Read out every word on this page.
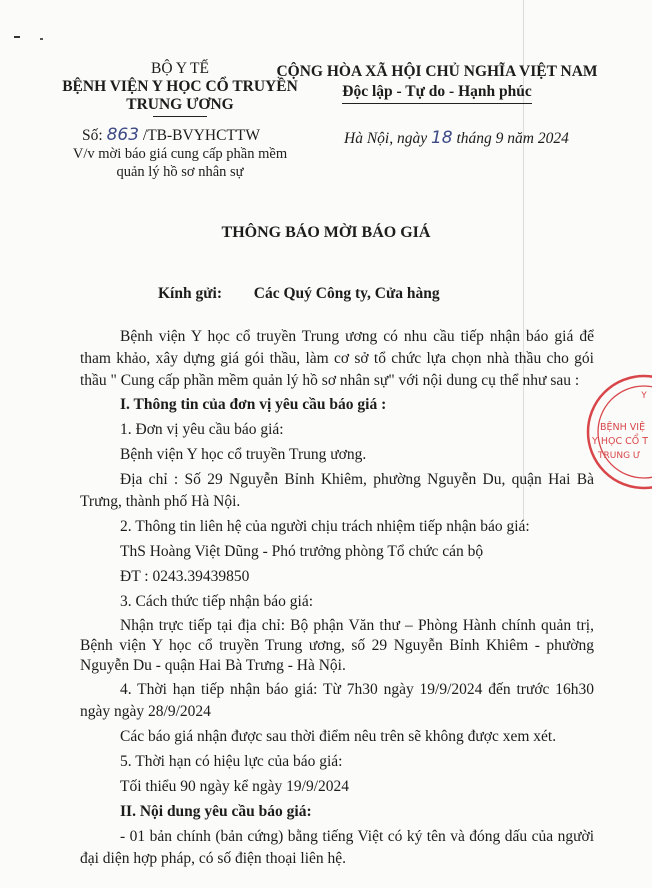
BỘ Y TẾ
BỆNH VIỆN Y HỌC CỔ TRUYỀN
TRUNG ƯƠNG
Số: 863 /TB-BVYHCTTW
V/v mời báo giá cung cấp phần mềm
quản lý hồ sơ nhân sự
CỘNG HÒA XÃ HỘI CHỦ NGHĨA VIỆT NAM
Độc lập - Tự do - Hạnh phúc
Hà Nội, ngày 18 tháng 9 năm 2024
THÔNG BÁO MỜI BÁO GIÁ
Kính gửi: Các Quý Công ty, Cửa hàng
Bệnh viện Y học cổ truyền Trung ương có nhu cầu tiếp nhận báo giá để tham khảo, xây dựng giá gói thầu, làm cơ sở tổ chức lựa chọn nhà thầu cho gói thầu " Cung cấp phần mềm quản lý hồ sơ nhân sự" với nội dung cụ thể như sau :
I. Thông tin của đơn vị yêu cầu báo giá :
1. Đơn vị yêu cầu báo giá:
Bệnh viện Y học cổ truyền Trung ương.
Địa chỉ : Số 29 Nguyễn Bỉnh Khiêm, phường Nguyễn Du, quận Hai Bà Trưng, thành phố Hà Nội.
2. Thông tin liên hệ của người chịu trách nhiệm tiếp nhận báo giá:
ThS Hoàng Việt Dũng - Phó trưởng phòng Tổ chức cán bộ
ĐT : 0243.39439850
3. Cách thức tiếp nhận báo giá:
Nhận trực tiếp tại địa chỉ: Bộ phận Văn thư – Phòng Hành chính quản trị, Bệnh viện Y học cổ truyền Trung ương, số 29 Nguyễn Bỉnh Khiêm - phường Nguyễn Du - quận Hai Bà Trưng - Hà Nội.
4. Thời hạn tiếp nhận báo giá: Từ 7h30 ngày 19/9/2024 đến trước 16h30 ngày ngày 28/9/2024
Các báo giá nhận được sau thời điểm nêu trên sẽ không được xem xét.
5. Thời hạn có hiệu lực của báo giá:
Tối thiểu 90 ngày kể ngày 19/9/2024
II. Nội dung yêu cầu báo giá:
- 01 bản chính (bản cứng) bằng tiếng Việt có ký tên và đóng dấu của người đại diện hợp pháp, có số điện thoại liên hệ.
Y
BỆNH VIỆ
Y HỌC CỔ T
TRUNG Ư
